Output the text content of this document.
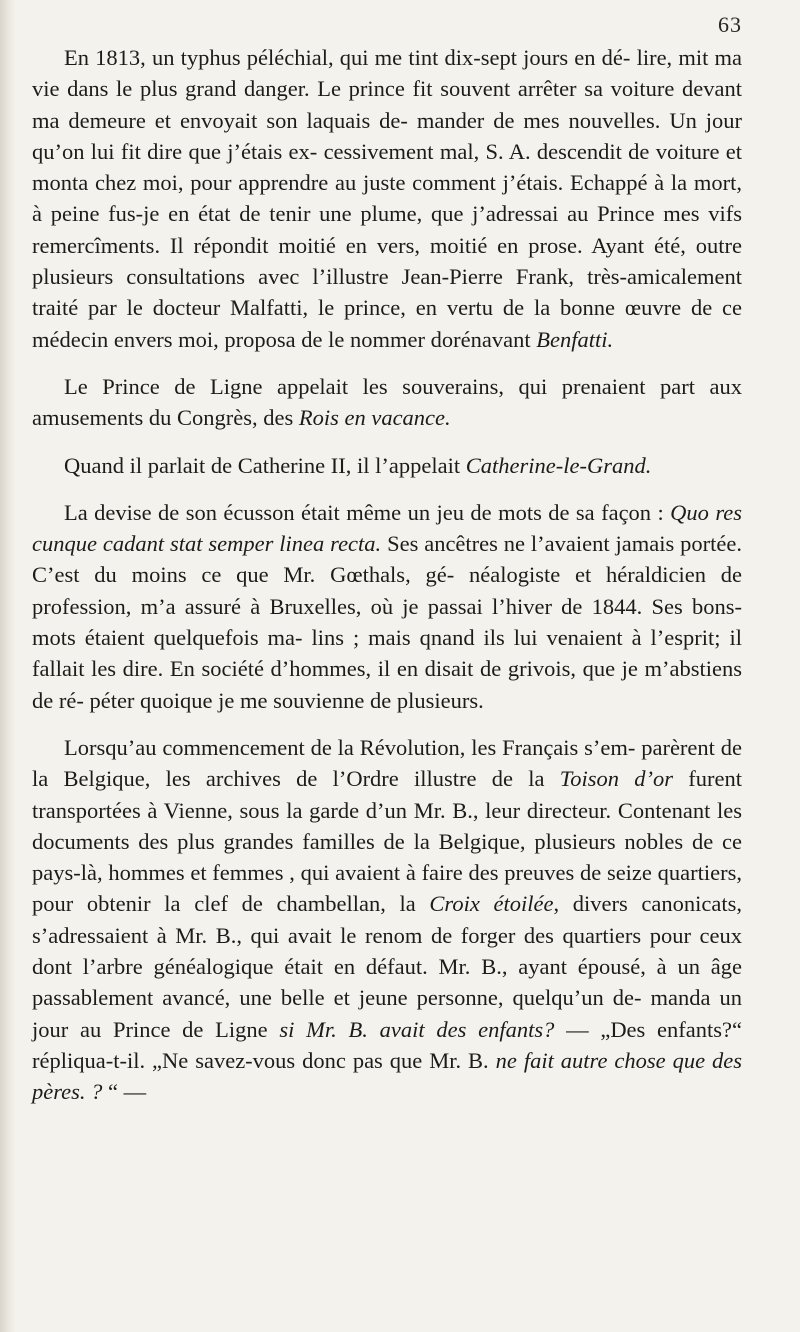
63

En 1813, un typhus péléchial, qui me tint dix-sept jours en dé- lire, mit ma vie dans le plus grand danger. Le prince fit souvent arrêter sa voiture devant ma demeure et envoyait son laquais de- mander de mes nouvelles. Un jour qu’on lui fit dire que j’étais ex- cessivement mal, S. A. descendit de voiture et monta chez moi, pour apprendre au juste comment j’étais. Echappé à la mort, à peine fus-je en état de tenir une plume, que j’adressai au Prince mes vifs remercîments. Il répondit moitié en vers, moitié en prose. Ayant été, outre plusieurs consultations avec l’illustre Jean-Pierre Frank, très-amicalement traité par le docteur Malfatti, le prince, en vertu de la bonne œuvre de ce médecin envers moi, proposa de le nommer dorénavant Benfatti.

Le Prince de Ligne appelait les souverains, qui prenaient part aux amusements du Congrès, des Rois en vacance.

Quand il parlait de Catherine II, il l’appelait Catherine-le-Grand.

La devise de son écusson était même un jeu de mots de sa façon : Quo res cunque cadant stat semper linea recta. Ses ancêtres ne l’avaient jamais portée. C’est du moins ce que Mr. Gœthals, gé- néalogiste et héraldicien de profession, m’a assuré à Bruxelles, où je passai l’hiver de 1844. Ses bons-mots étaient quelquefois ma- lins ; mais qnand ils lui venaient à l’esprit; il fallait les dire. En société d’hommes, il en disait de grivois, que je m’abstiens de ré- péter quoique je me souvienne de plusieurs.

Lorsqu’au commencement de la Révolution, les Français s’em- parèrent de la Belgique, les archives de l’Ordre illustre de la Toison d’or furent transportées à Vienne, sous la garde d’un Mr. B., leur directeur. Contenant les documents des plus grandes familles de la Belgique, plusieurs nobles de ce pays-là, hommes et femmes , qui avaient à faire des preuves de seize quartiers, pour obtenir la clef de chambellan, la Croix étoilée, divers canonicats, s’adressaient à Mr. B., qui avait le renom de forger des quartiers pour ceux dont l’arbre généalogique était en défaut. Mr. B., ayant épousé, à un âge passablement avancé, une belle et jeune personne, quelqu’un de- manda un jour au Prince de Ligne si Mr. B. avait des enfants? — „Des enfants?“ répliqua-t-il. „Ne savez-vous donc pas que Mr. B. ne fait autre chose que des pères. ? “ —
